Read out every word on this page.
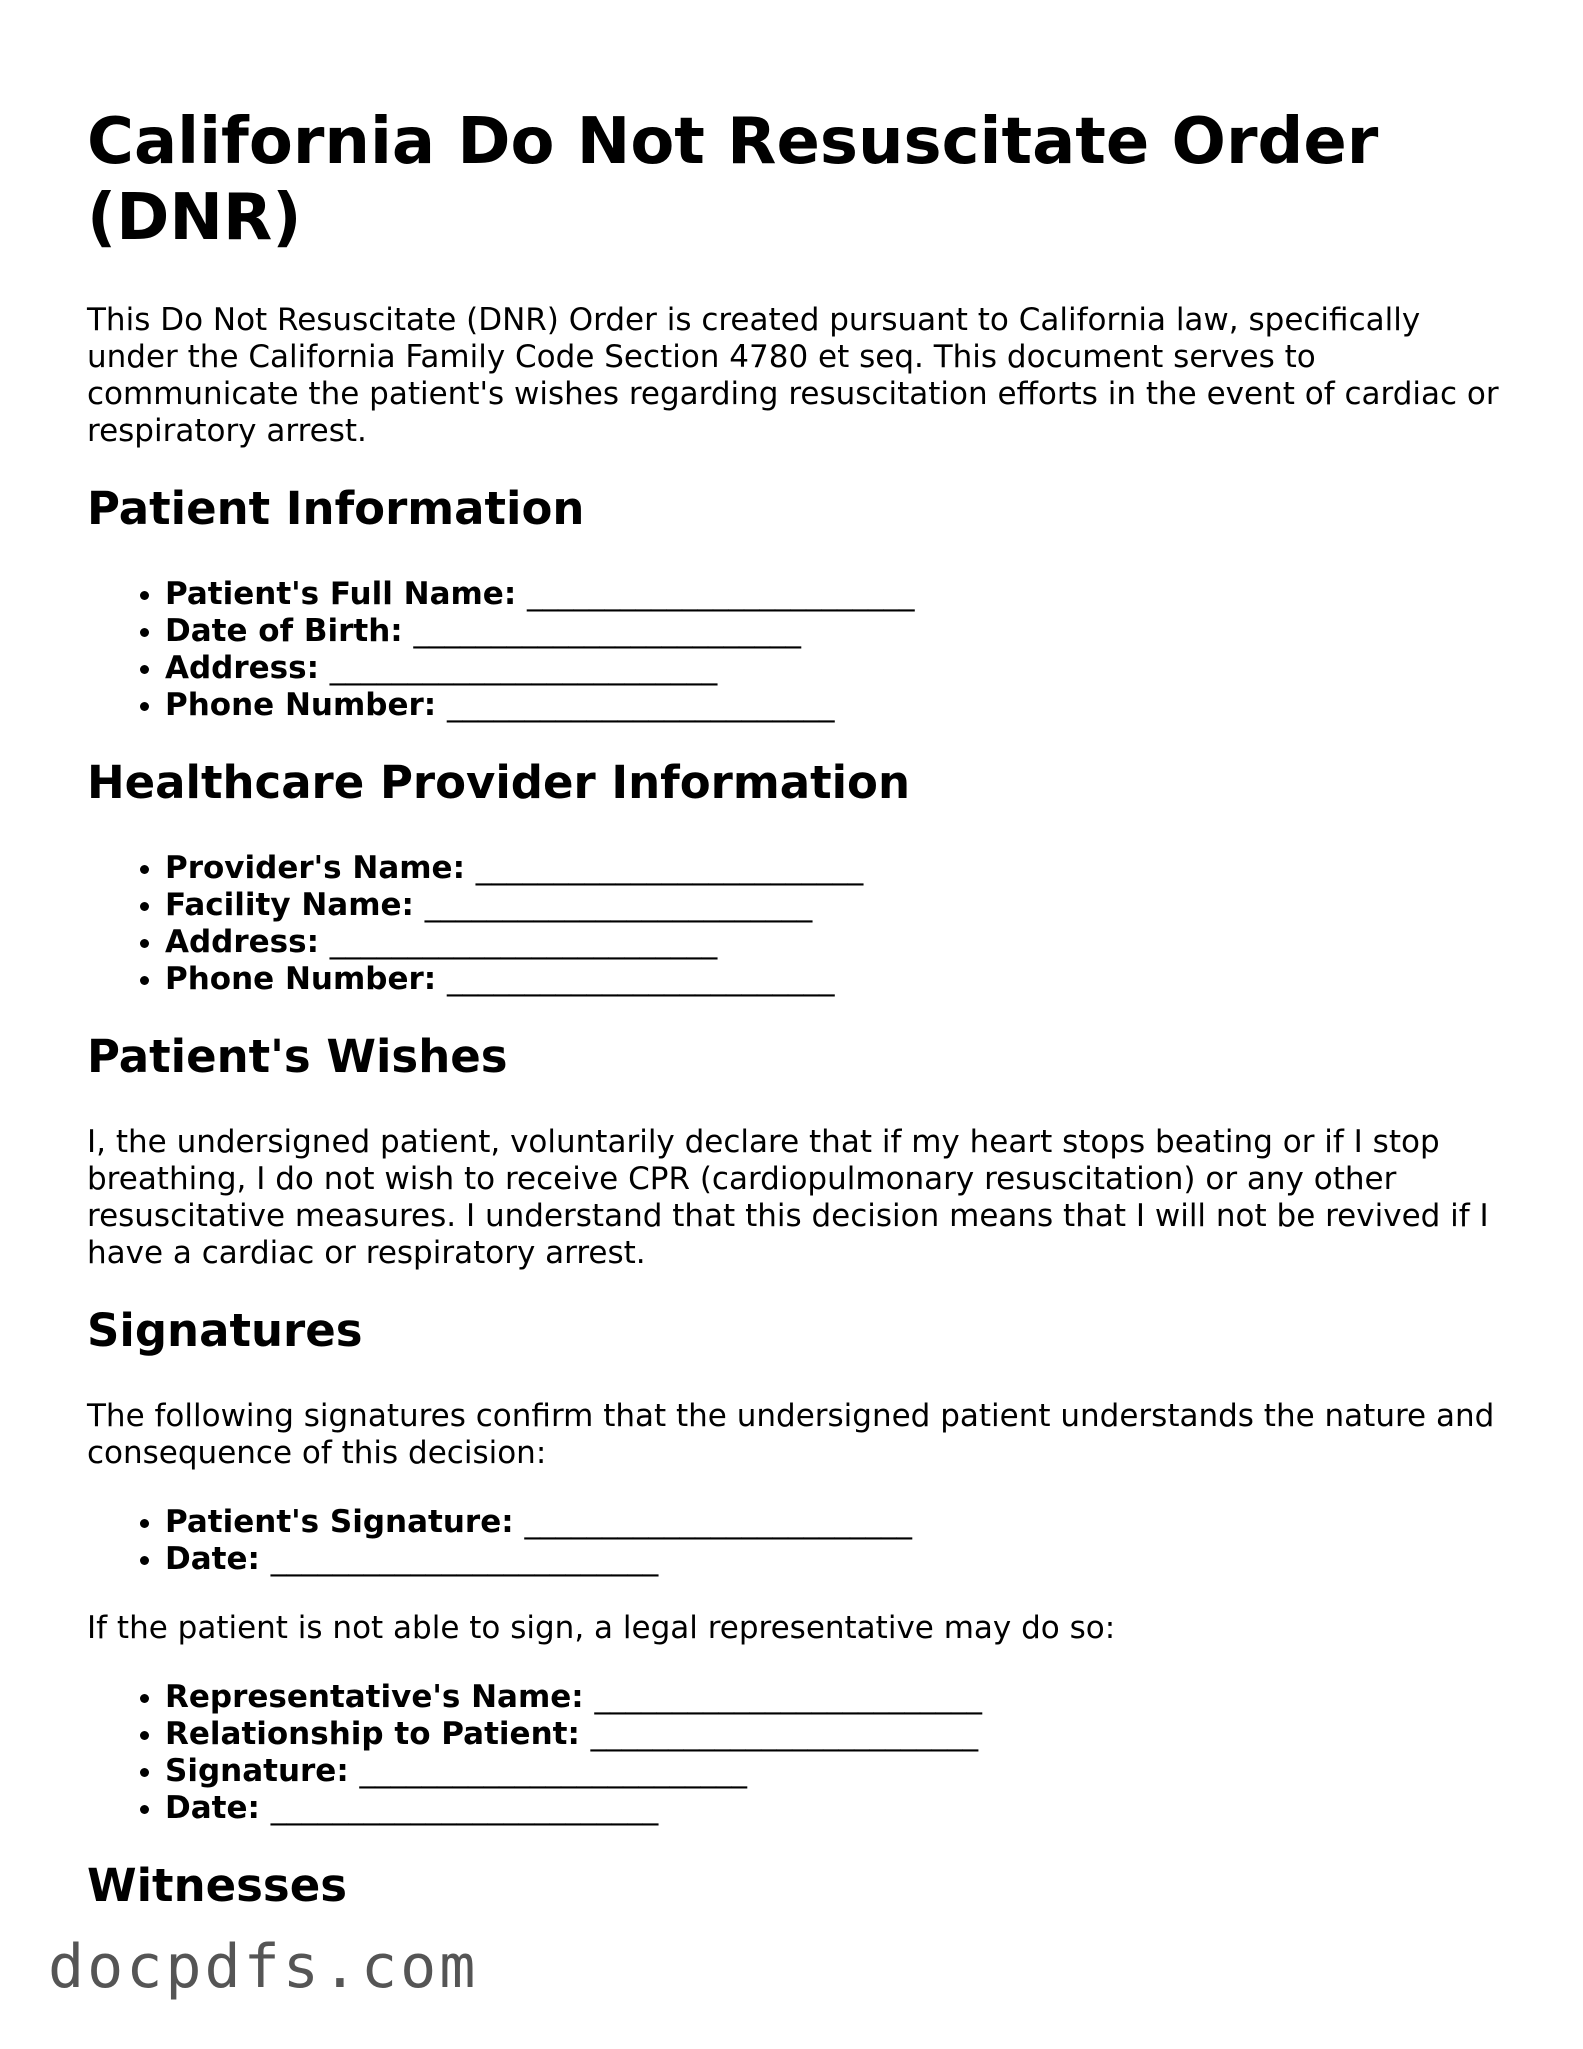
California Do Not Resuscitate Order (DNR)

This Do Not Resuscitate (DNR) Order is created pursuant to California law, specifically under the California Family Code Section 4780 et seq. This document serves to communicate the patient's wishes regarding resuscitation efforts in the event of cardiac or respiratory arrest.

Patient Information
• Patient's Full Name: _________________________
• Date of Birth: _________________________
• Address: _________________________
• Phone Number: _________________________
Healthcare Provider Information
• Provider's Name: _________________________
• Facility Name: _________________________
• Address: _________________________
• Phone Number: _________________________
Patient's Wishes

I, the undersigned patient, voluntarily declare that if my heart stops beating or if I stop breathing, I do not wish to receive CPR (cardiopulmonary resuscitation) or any other resuscitative measures. I understand that this decision means that I will not be revived if I have a cardiac or respiratory arrest.

Signatures

The following signatures confirm that the undersigned patient understands the nature and consequence of this decision:

• Patient's Signature: _________________________
• Date: _________________________

If the patient is not able to sign, a legal representative may do so:

• Representative's Name: _________________________
• Relationship to Patient: _________________________
• Signature: _________________________
• Date: _________________________
Witnesses
docpdfs.com
